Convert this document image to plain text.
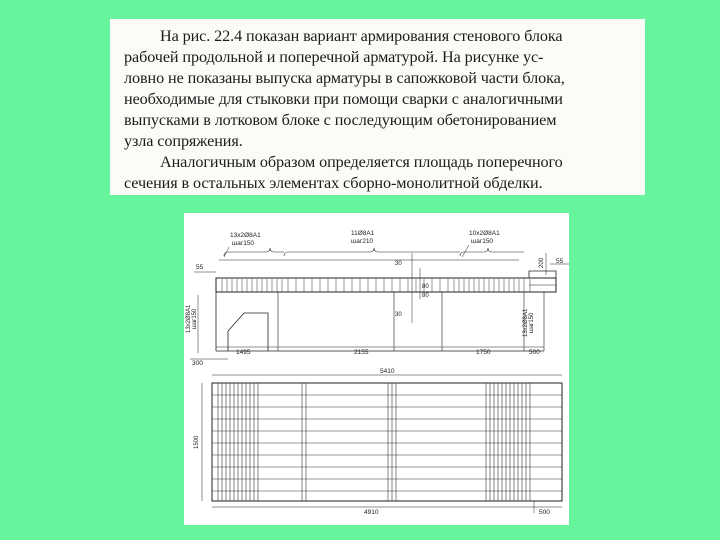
На рис. 22.4 показан вариант армирования стенового блока
рабочей продольной и поперечной арматурой. На рисунке ус-
ловно не показаны выпуска арматуры в сапожковой части блока,
необходимые для стыковки при помощи сварки с аналогичными
выпусками в лотковом блоке с последующим обетонированием
узла сопряжения.
Аналогичным образом определяется площадь поперечного
сечения в остальных элементах сборно-монолитной обделки.
13x2Ø8А1
шаг150
11Ø8А1
шаг210
10x2Ø8А1
шаг150
30
30
80
80
55
13x2Ø8А1 шаг150
300
200 55
13x2Ø8А1 шаг150
1495	2155	1750	500
5410
1500
4910	500
